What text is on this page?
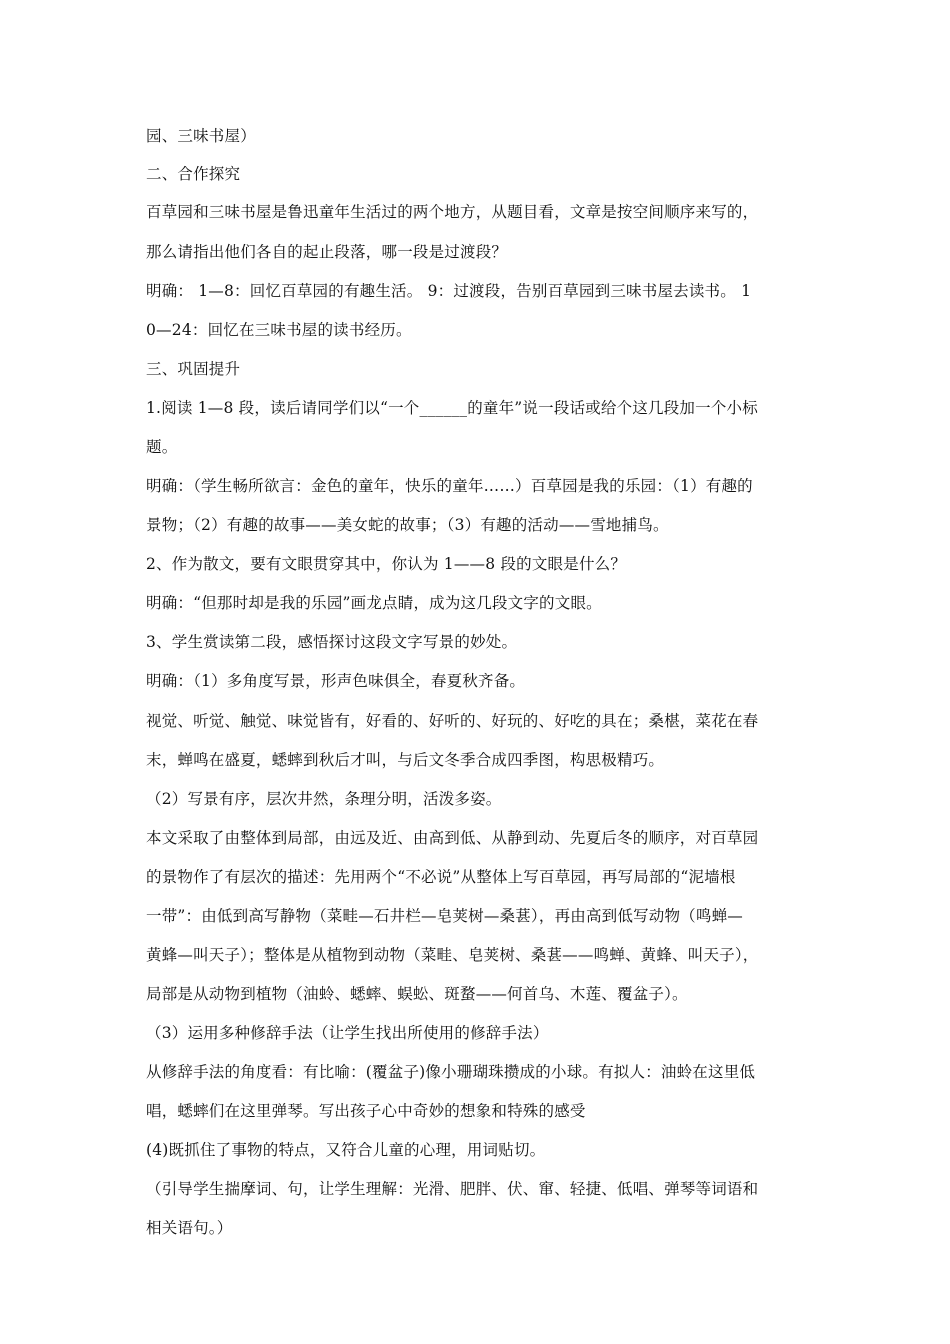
园、三味书屋）
二、合作探究
百草园和三味书屋是鲁迅童年生活过的两个地方，从题目看，文章是按空间顺序来写的，
那么请指出他们各自的起止段落，哪一段是过渡段？
明确： 1—8：回忆百草园的有趣生活。 9：过渡段，告别百草园到三味书屋去读书。 1
0—24：回忆在三味书屋的读书经历。
三、巩固提升
1.阅读 1—8 段，读后请同学们以“一个______的童年”说一段话或给个这几段加一个小标
题。
明确：（学生畅所欲言：金色的童年，快乐的童年……）百草园是我的乐园：（1）有趣的
景物；（2）有趣的故事——美女蛇的故事；（3）有趣的活动——雪地捕鸟。
2、作为散文，要有文眼贯穿其中，你认为 1——8 段的文眼是什么？
明确：“但那时却是我的乐园”画龙点睛，成为这几段文字的文眼。
3、学生赏读第二段，感悟探讨这段文字写景的妙处。
明确：（1）多角度写景，形声色味俱全，春夏秋齐备。
视觉、听觉、触觉、味觉皆有，好看的、好听的、好玩的、好吃的具在；桑椹，菜花在春
末，蝉鸣在盛夏，蟋蟀到秋后才叫，与后文冬季合成四季图，构思极精巧。
（2）写景有序，层次井然，条理分明，活泼多姿。
本文采取了由整体到局部，由远及近、由高到低、从静到动、先夏后冬的顺序，对百草园
的景物作了有层次的描述：先用两个“不必说”从整体上写百草园，再写局部的“泥墙根
一带”：由低到高写静物（菜畦—石井栏—皂荚树—桑葚），再由高到低写动物（鸣蝉—
黄蜂—叫天子）；整体是从植物到动物（菜畦、皂荚树、桑葚——鸣蝉、黄蜂、叫天子），
局部是从动物到植物（油蛉、蟋蟀、蜈蚣、斑蝥——何首乌、木莲、覆盆子）。
（3）运用多种修辞手法（让学生找出所使用的修辞手法）
从修辞手法的角度看：有比喻：(覆盆子)像小珊瑚珠攒成的小球。有拟人：油蛉在这里低
唱，蟋蟀们在这里弹琴。写出孩子心中奇妙的想象和特殊的感受
(4)既抓住了事物的特点，又符合儿童的心理，用词贴切。
（引导学生揣摩词、句，让学生理解：光滑、肥胖、伏、窜、轻捷、低唱、弹琴等词语和
相关语句。）
